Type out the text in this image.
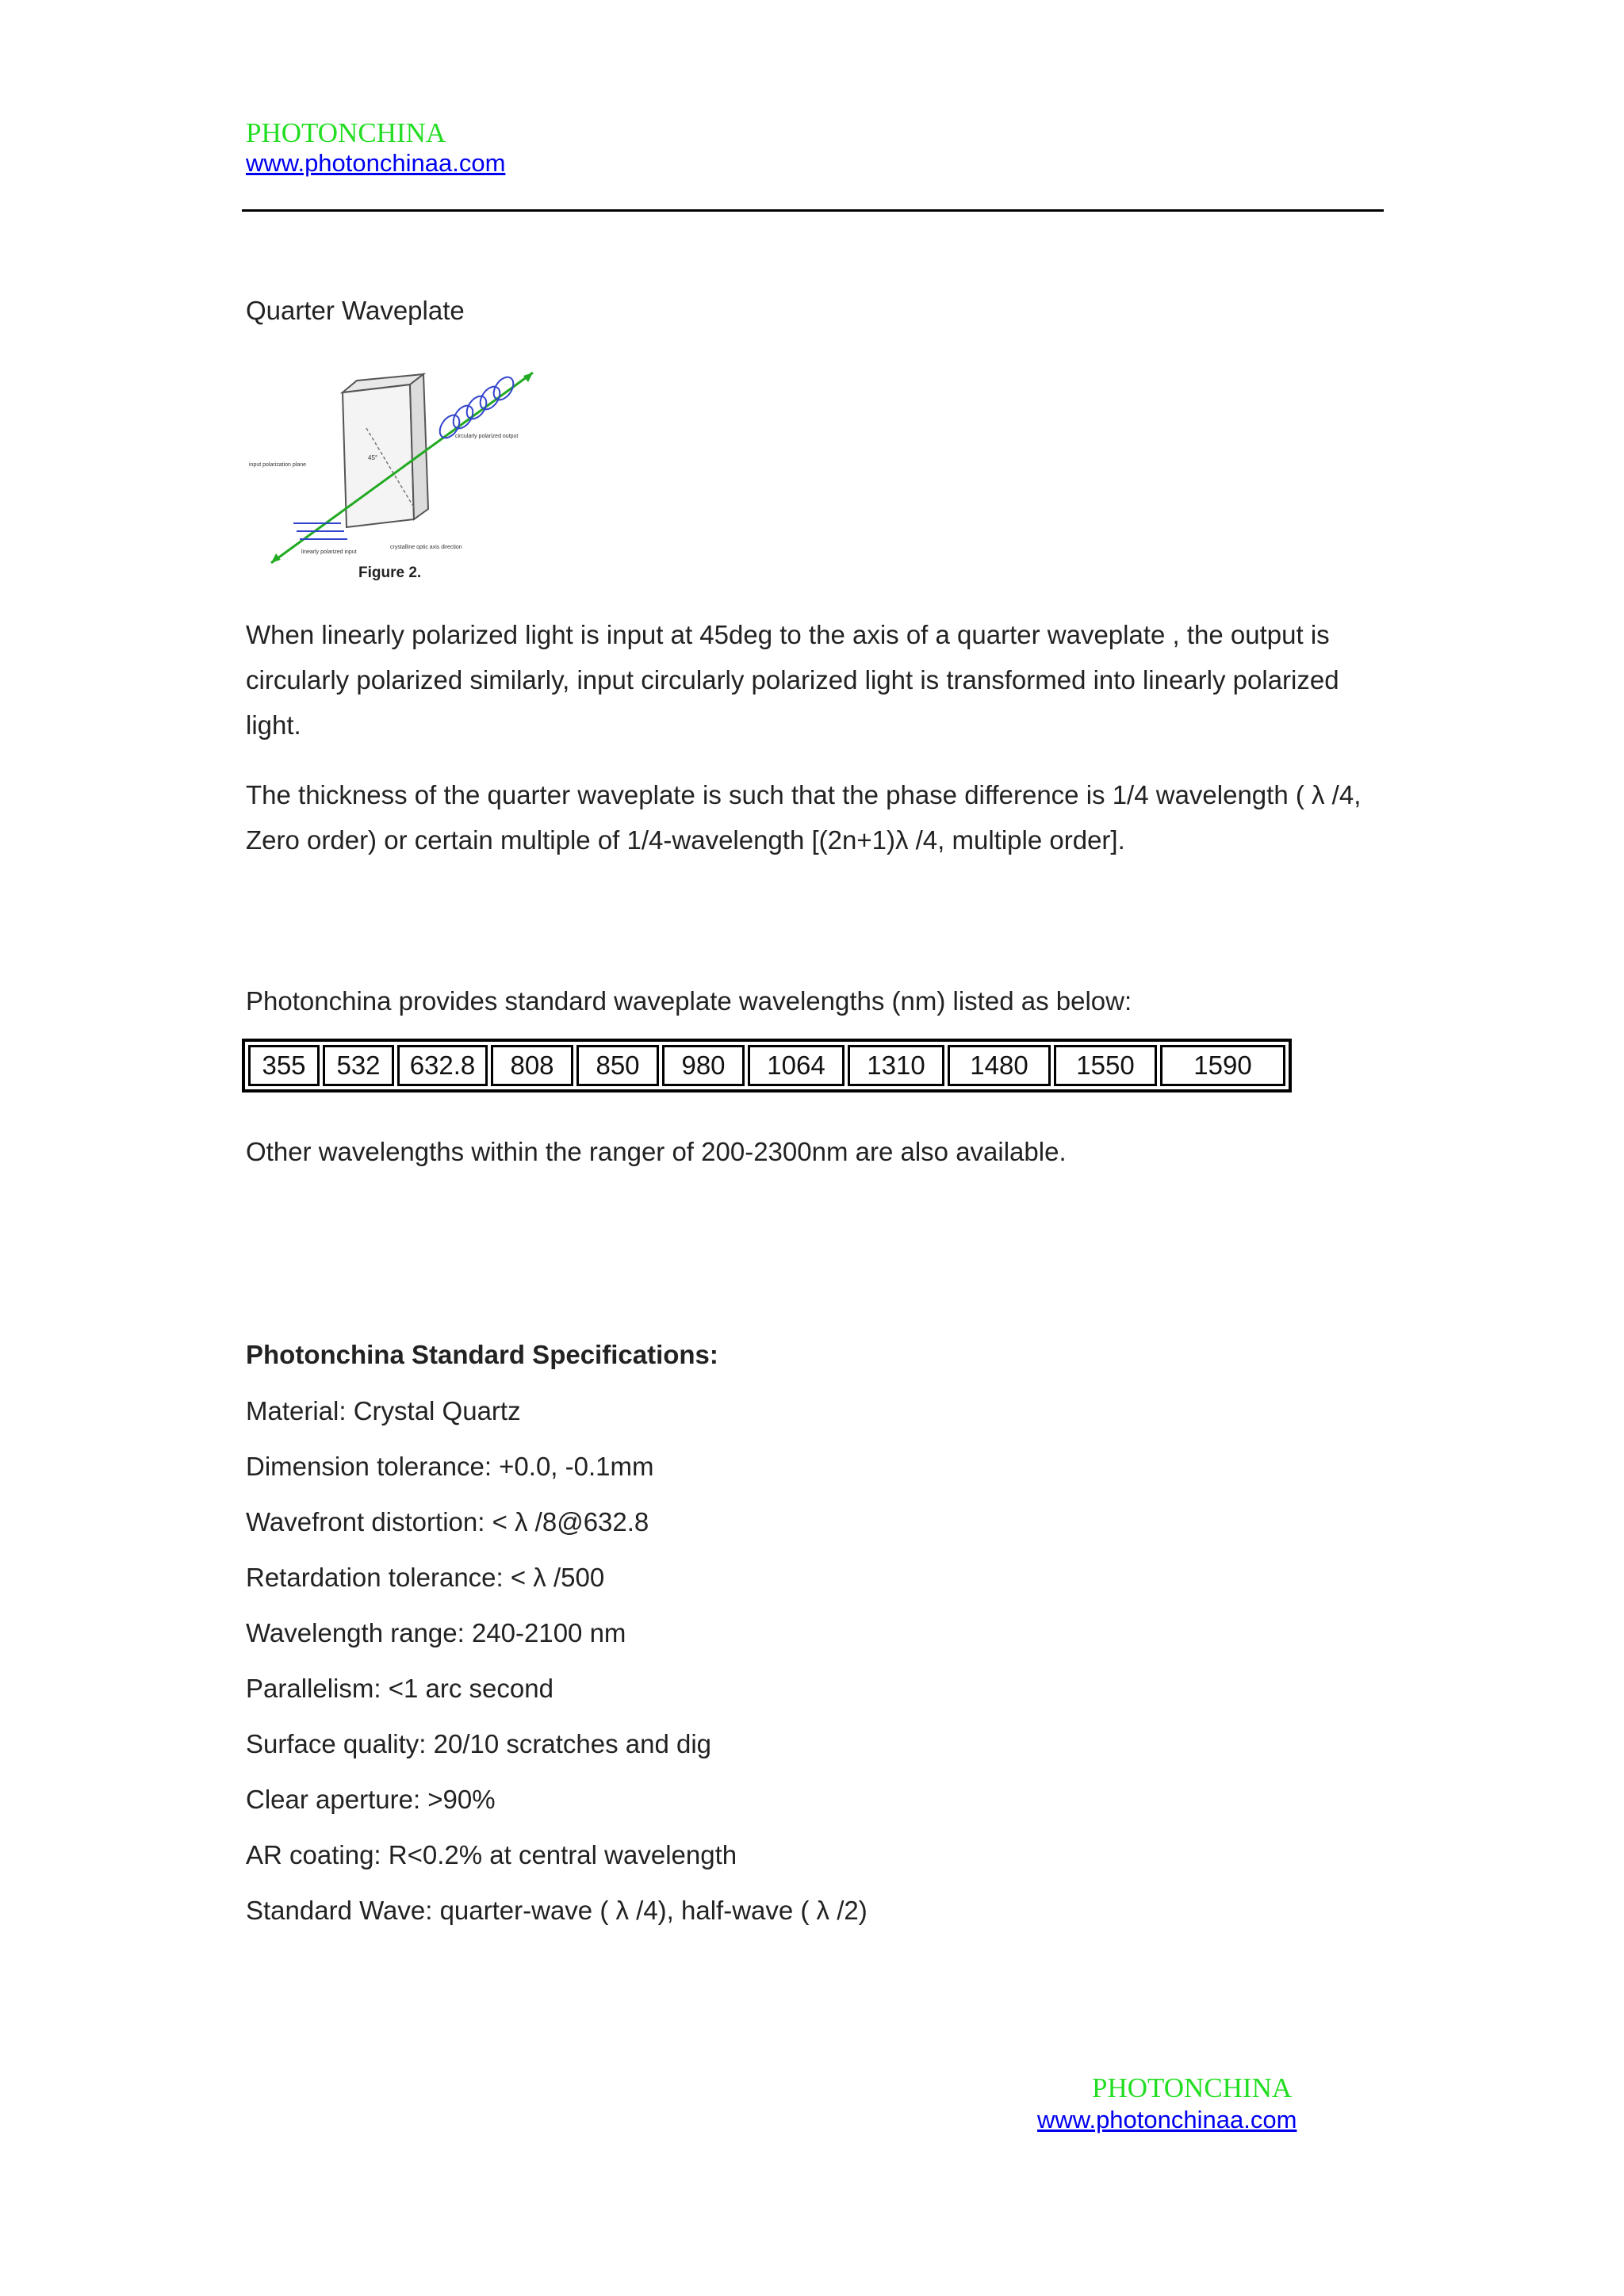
PHOTONCHINA
www.photonchinaa.com

Quarter Waveplate

circularly polarized output
input polarization plane
45°
linearly polarized input
crystalline optic axis direction
Figure 2.

When linearly polarized light is input at 45deg to the axis of a quarter waveplate , the output is circularly polarized similarly, input circularly polarized light is transformed into linearly polarized light.

The thickness of the quarter waveplate is such that the phase difference is 1/4 wavelength ( λ /4, Zero order) or certain multiple of 1/4-wavelength [(2n+1)λ /4, multiple order].

Photonchina provides standard waveplate wavelengths (nm) listed as below:

355	532	632.8	808	850	980	1064	1310	1480	1550	1590

Other wavelengths within the ranger of 200-2300nm are also available.

Photonchina Standard Specifications:

Material: Crystal Quartz

Dimension tolerance: +0.0, -0.1mm

Wavefront distortion: < λ /8@632.8

Retardation tolerance: < λ /500

Wavelength range: 240-2100 nm

Parallelism: <1 arc second

Surface quality: 20/10 scratches and dig

Clear aperture: >90%

AR coating: R<0.2% at central wavelength

Standard Wave: quarter-wave ( λ /4), half-wave ( λ /2)

PHOTONCHINA
www.photonchinaa.com
